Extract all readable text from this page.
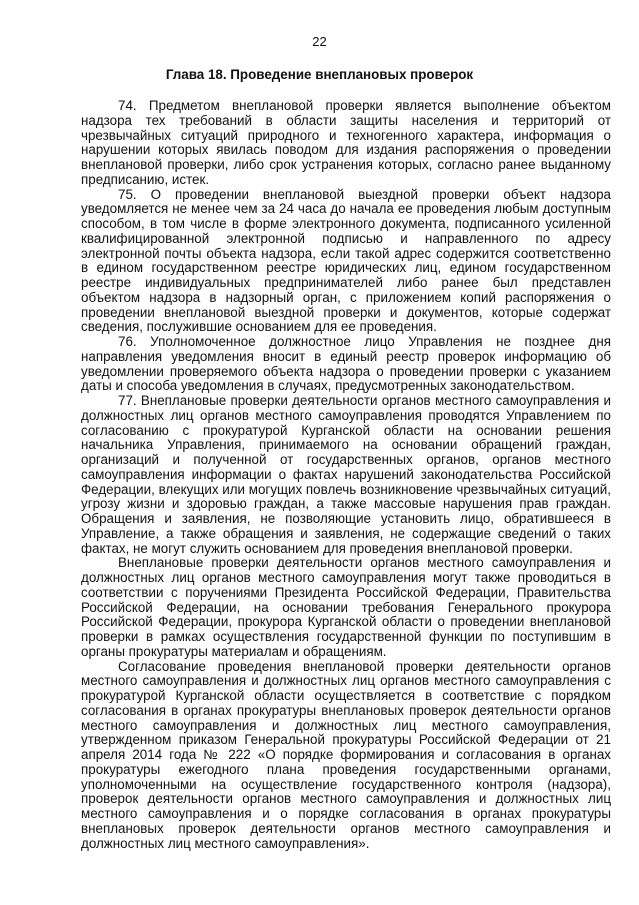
22

Глава 18. Проведение внеплановых проверок

74. Предметом внеплановой проверки является выполнение объектом надзора тех требований в области защиты населения и территорий от чрезвычайных ситуаций природного и техногенного характера, информация о нарушении которых явилась поводом для издания распоряжения о проведении внеплановой проверки, либо срок устранения которых, согласно ранее выданному предписанию, истек.

75. О проведении внеплановой выездной проверки объект надзора уведомляется не менее чем за 24 часа до начала ее проведения любым доступным способом, в том числе в форме электронного документа, подписанного усиленной квалифицированной электронной подписью и направленного по адресу электронной почты объекта надзора, если такой адрес содержится соответственно в едином государственном реестре юридических лиц, едином государственном реестре индивидуальных предпринимателей либо ранее был представлен объектом надзора в надзорный орган, с приложением копий распоряжения о проведении внеплановой выездной проверки и документов, которые содержат сведения, послужившие основанием для ее проведения.

76. Уполномоченное должностное лицо Управления не позднее дня направления уведомления вносит в единый реестр проверок информацию об уведомлении проверяемого объекта надзора о проведении проверки с указанием даты и способа уведомления в случаях, предусмотренных законодательством.

77. Внеплановые проверки деятельности органов местного самоуправления и должностных лиц органов местного самоуправления проводятся Управлением по согласованию с прокуратурой Курганской области на основании решения начальника Управления, принимаемого на основании обращений граждан, организаций и полученной от государственных органов, органов местного самоуправления информации о фактах нарушений законодательства Российской Федерации, влекущих или могущих повлечь возникновение чрезвычайных ситуаций, угрозу жизни и здоровью граждан, а также массовые нарушения прав граждан. Обращения и заявления, не позволяющие установить лицо, обратившееся в Управление, а также обращения и заявления, не содержащие сведений о таких фактах, не могут служить основанием для проведения внеплановой проверки.

Внеплановые проверки деятельности органов местного самоуправления и должностных лиц органов местного самоуправления могут также проводиться в соответствии с поручениями Президента Российской Федерации, Правительства Российской Федерации, на основании требования Генерального прокурора Российской Федерации, прокурора Курганской области о проведении внеплановой проверки в рамках осуществления государственной функции по поступившим в органы прокуратуры материалам и обращениям.

Согласование проведения внеплановой проверки деятельности органов местного самоуправления и должностных лиц органов местного самоуправления с прокуратурой Курганской области осуществляется в соответствие с порядком согласования в органах прокуратуры внеплановых проверок деятельности органов местного самоуправления и должностных лиц местного самоуправления, утвержденном приказом Генеральной прокуратуры Российской Федерации от 21 апреля 2014 года № 222 «О порядке формирования и согласования в органах прокуратуры ежегодного плана проведения государственными органами, уполномоченными на осуществление государственного контроля (надзора), проверок деятельности органов местного самоуправления и должностных лиц местного самоуправления и о порядке согласования в органах прокуратуры внеплановых проверок деятельности органов местного самоуправления и должностных лиц местного самоуправления».
